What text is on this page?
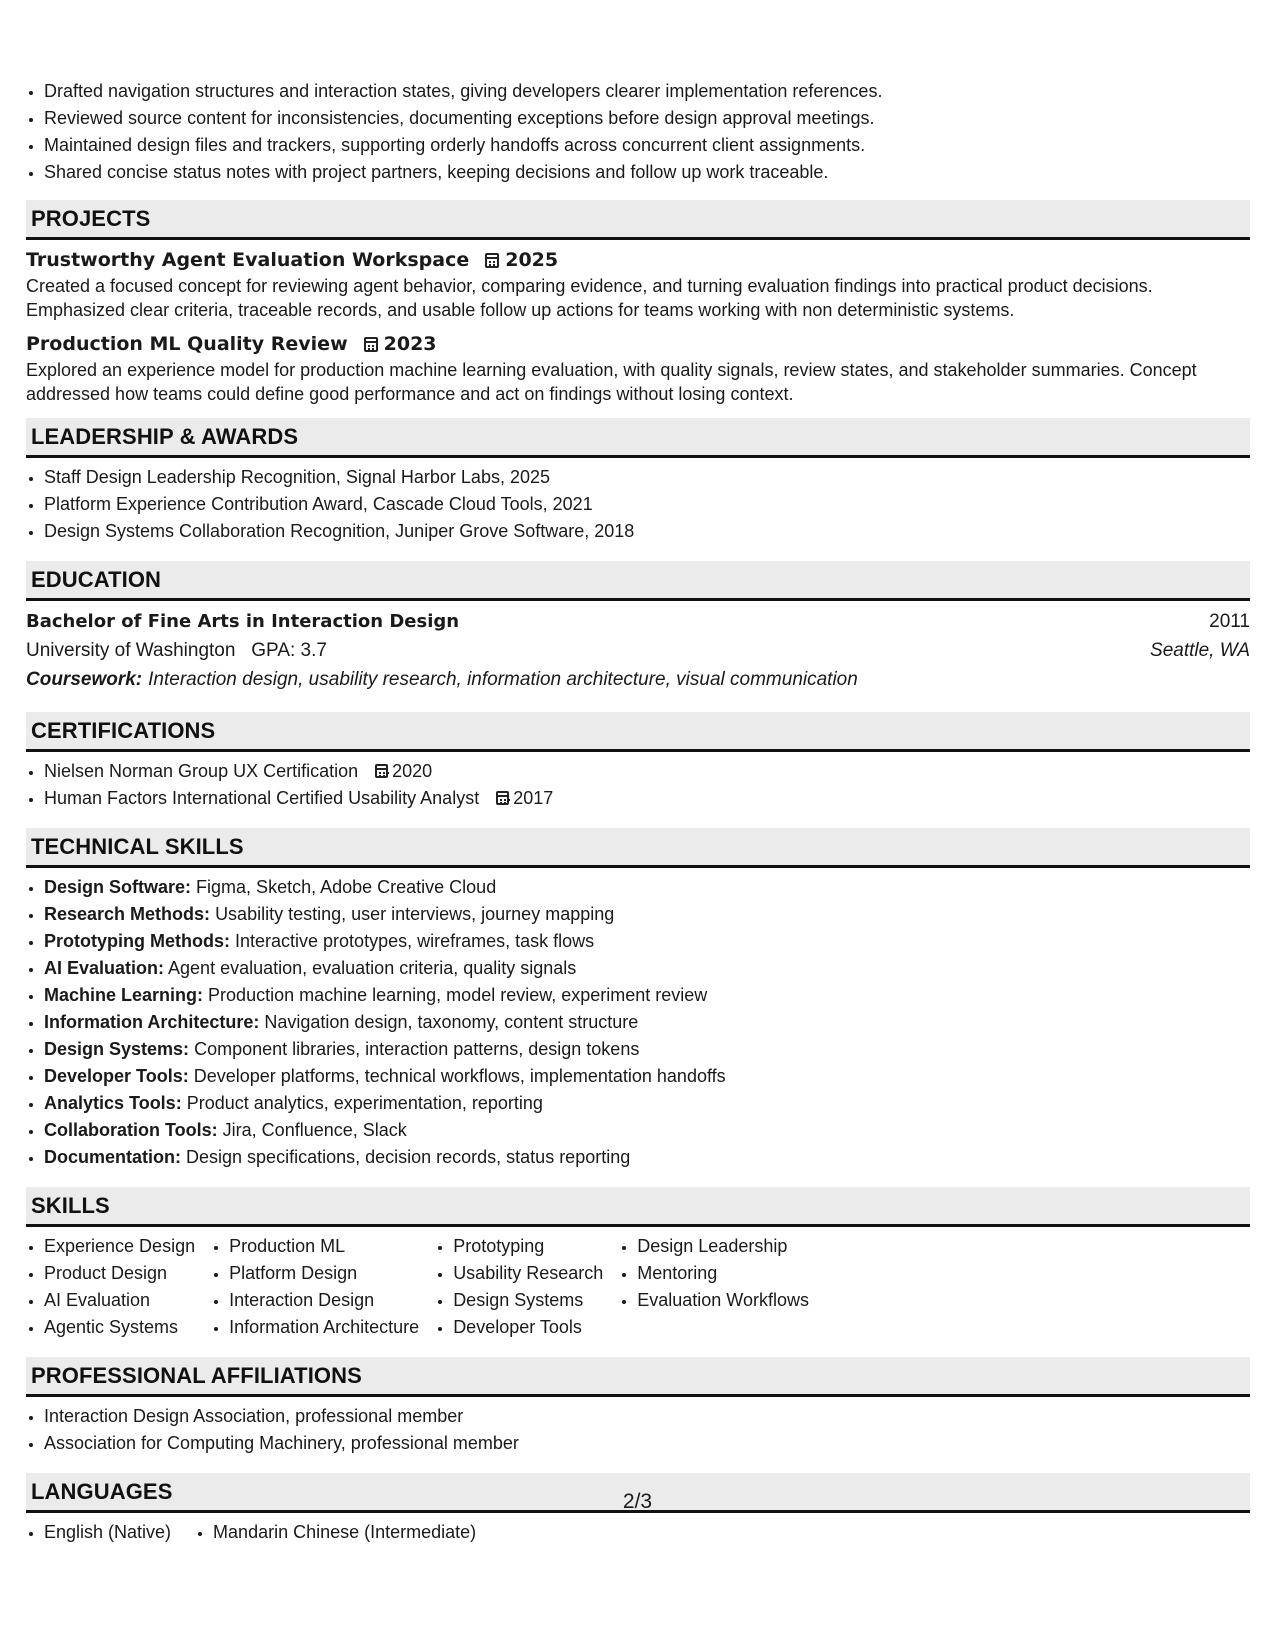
• Drafted navigation structures and interaction states, giving developers clearer implementation references.
• Reviewed source content for inconsistencies, documenting exceptions before design approval meetings.
• Maintained design files and trackers, supporting orderly handoffs across concurrent client assignments.
• Shared concise status notes with project partners, keeping decisions and follow up work traceable.
PROJECTS
Trustworthy Agent Evaluation Workspace 2025
Created a focused concept for reviewing agent behavior, comparing evidence, and turning evaluation findings into practical product decisions. Emphasized clear criteria, traceable records, and usable follow up actions for teams working with non deterministic systems.
Production ML Quality Review 2023
Explored an experience model for production machine learning evaluation, with quality signals, review states, and stakeholder summaries. Concept addressed how teams could define good performance and act on findings without losing context.
LEADERSHIP & AWARDS
• Staff Design Leadership Recognition, Signal Harbor Labs, 2025
• Platform Experience Contribution Award, Cascade Cloud Tools, 2021
• Design Systems Collaboration Recognition, Juniper Grove Software, 2018
EDUCATION
Bachelor of Fine Arts in Interaction Design	2011
University of Washington GPA: 3.7	Seattle, WA
Coursework: Interaction design, usability research, information architecture, visual communication
CERTIFICATIONS
• Nielsen Norman Group UX Certification 2020
• Human Factors International Certified Usability Analyst 2017
TECHNICAL SKILLS
• Design Software: Figma, Sketch, Adobe Creative Cloud
• Research Methods: Usability testing, user interviews, journey mapping
• Prototyping Methods: Interactive prototypes, wireframes, task flows
• AI Evaluation: Agent evaluation, evaluation criteria, quality signals
• Machine Learning: Production machine learning, model review, experiment review
• Information Architecture: Navigation design, taxonomy, content structure
• Design Systems: Component libraries, interaction patterns, design tokens
• Developer Tools: Developer platforms, technical workflows, implementation handoffs
• Analytics Tools: Product analytics, experimentation, reporting
• Collaboration Tools: Jira, Confluence, Slack
• Documentation: Design specifications, decision records, status reporting
SKILLS
• Experience Design
• Product Design
• AI Evaluation
• Agentic Systems
• Production ML
• Platform Design
• Interaction Design
• Information Architecture
• Prototyping
• Usability Research
• Design Systems
• Developer Tools
• Design Leadership
• Mentoring
• Evaluation Workflows
PROFESSIONAL AFFILIATIONS
• Interaction Design Association, professional member
• Association for Computing Machinery, professional member
LANGUAGES
• English (Native)
• Mandarin Chinese (Intermediate)
2/3
